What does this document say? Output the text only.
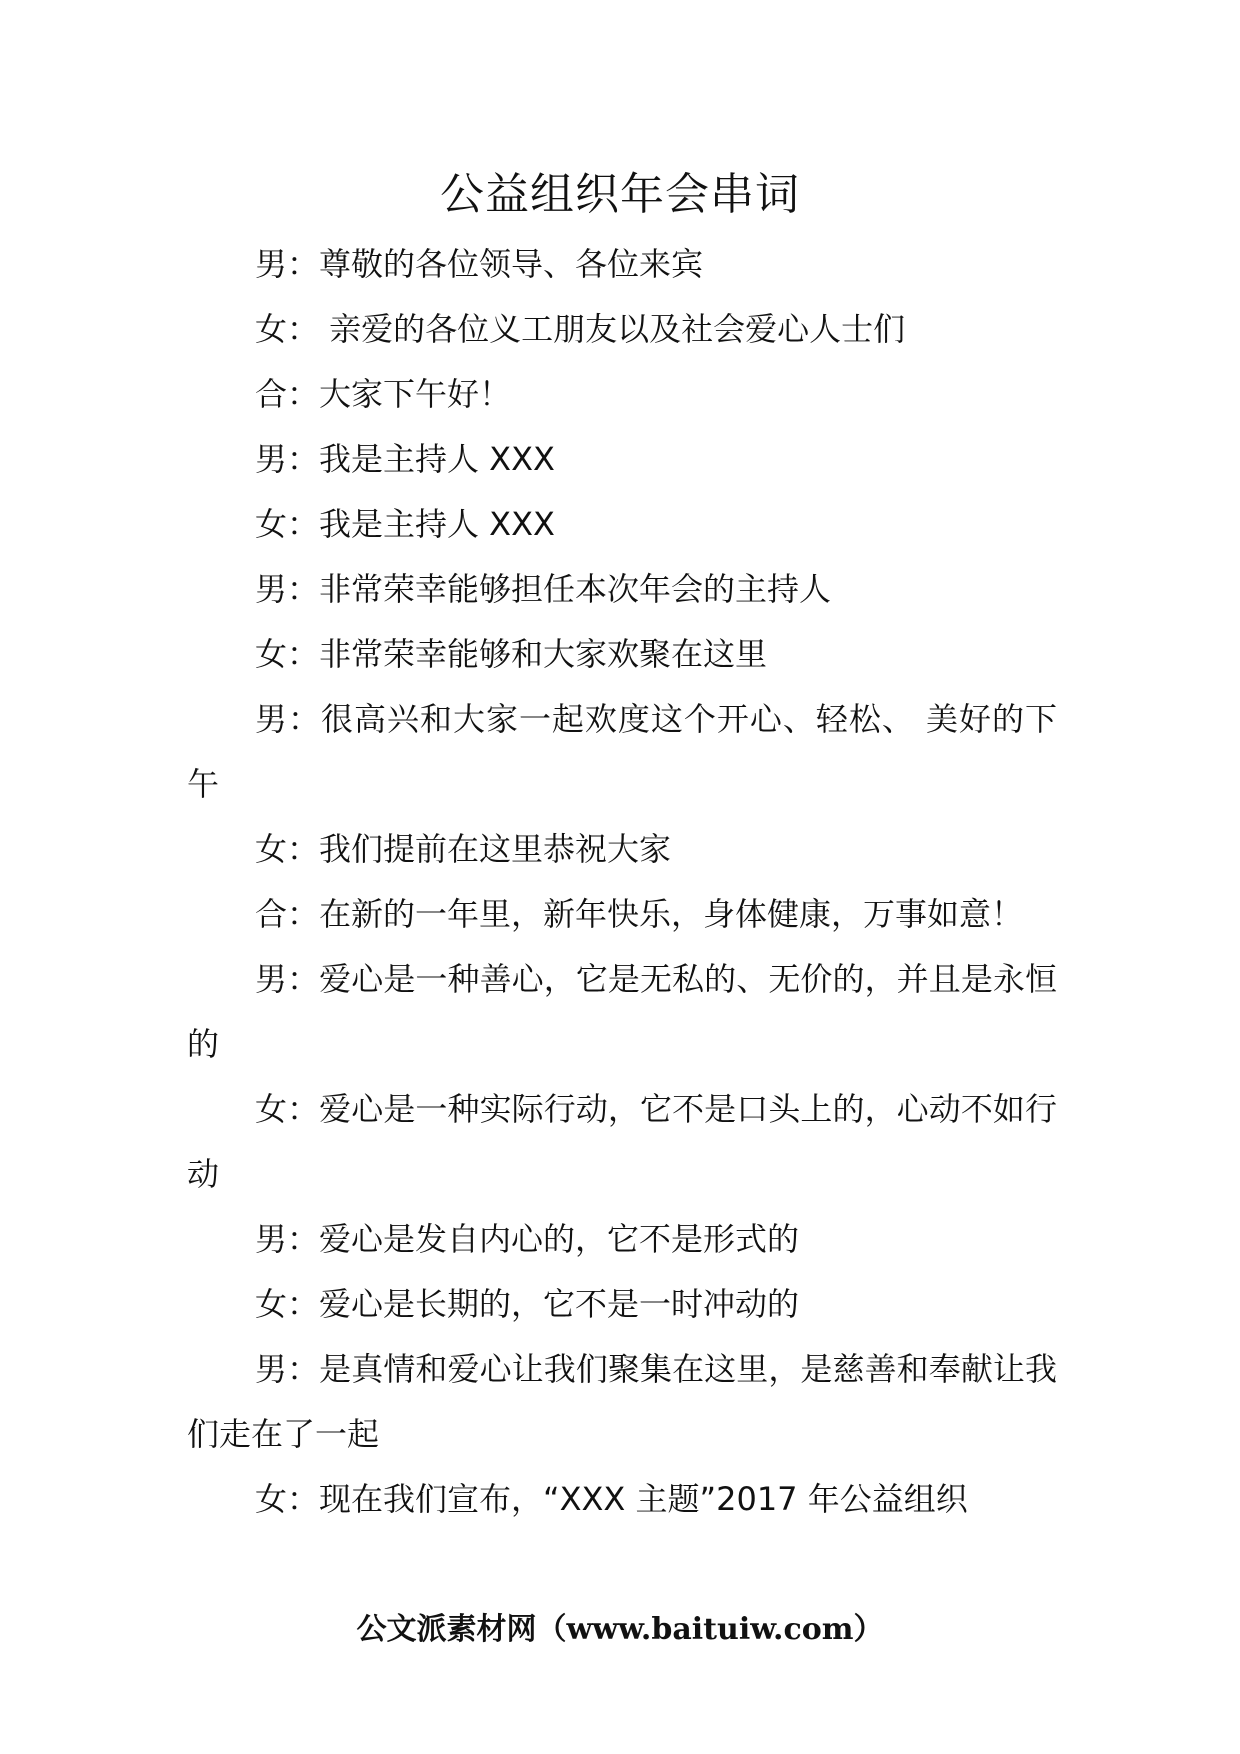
公益组织年会串词

男：尊敬的各位领导、各位来宾

女： 亲爱的各位义工朋友以及社会爱心人士们

合：大家下午好！

男：我是主持人 XXX

女：我是主持人 XXX

男：非常荣幸能够担任本次年会的主持人

女：非常荣幸能够和大家欢聚在这里

男：很高兴和大家一起欢度这个开心、轻松、 美好的下午

女：我们提前在这里恭祝大家

合：在新的一年里，新年快乐，身体健康，万事如意！

男：爱心是一种善心，它是无私的、无价的，并且是永恒的

女：爱心是一种实际行动，它不是口头上的，心动不如行动

男：爱心是发自内心的，它不是形式的

女：爱心是长期的，它不是一时冲动的

男：是真情和爱心让我们聚集在这里，是慈善和奉献让我们走在了一起

女：现在我们宣布，“XXX 主题”2017 年公益组织

公文派素材网（www.baituiw.com）
